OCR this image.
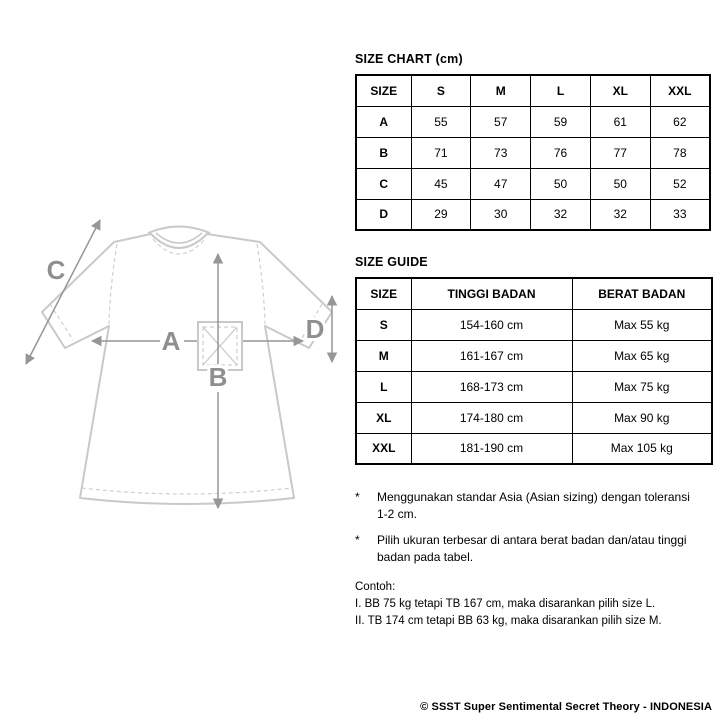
A
B
C
D
SIZE CHART (cm)
SIZE	S	M	L	XL	XXL
A	55	57	59	61	62
B	71	73	76	77	78
C	45	47	50	50	52
D	29	30	32	32	33
SIZE GUIDE
SIZE	TINGGI BADAN	BERAT BADAN
S	154-160 cm	Max 55 kg
M	161-167 cm	Max 65 kg
L	168-173 cm	Max 75 kg
XL	174-180 cm	Max 90 kg
XXL	181-190 cm	Max 105 kg
*	Menggunakan standar Asia (Asian sizing) dengan toleransi 1-2 cm.
*	Pilih ukuran terbesar di antara berat badan dan/atau tinggi badan pada tabel.
Contoh:
I. BB 75 kg tetapi TB 167 cm, maka disarankan pilih size L.
II. TB 174 cm tetapi BB 63 kg, maka disarankan pilih size M.
© SSST Super Sentimental Secret Theory - INDONESIA
